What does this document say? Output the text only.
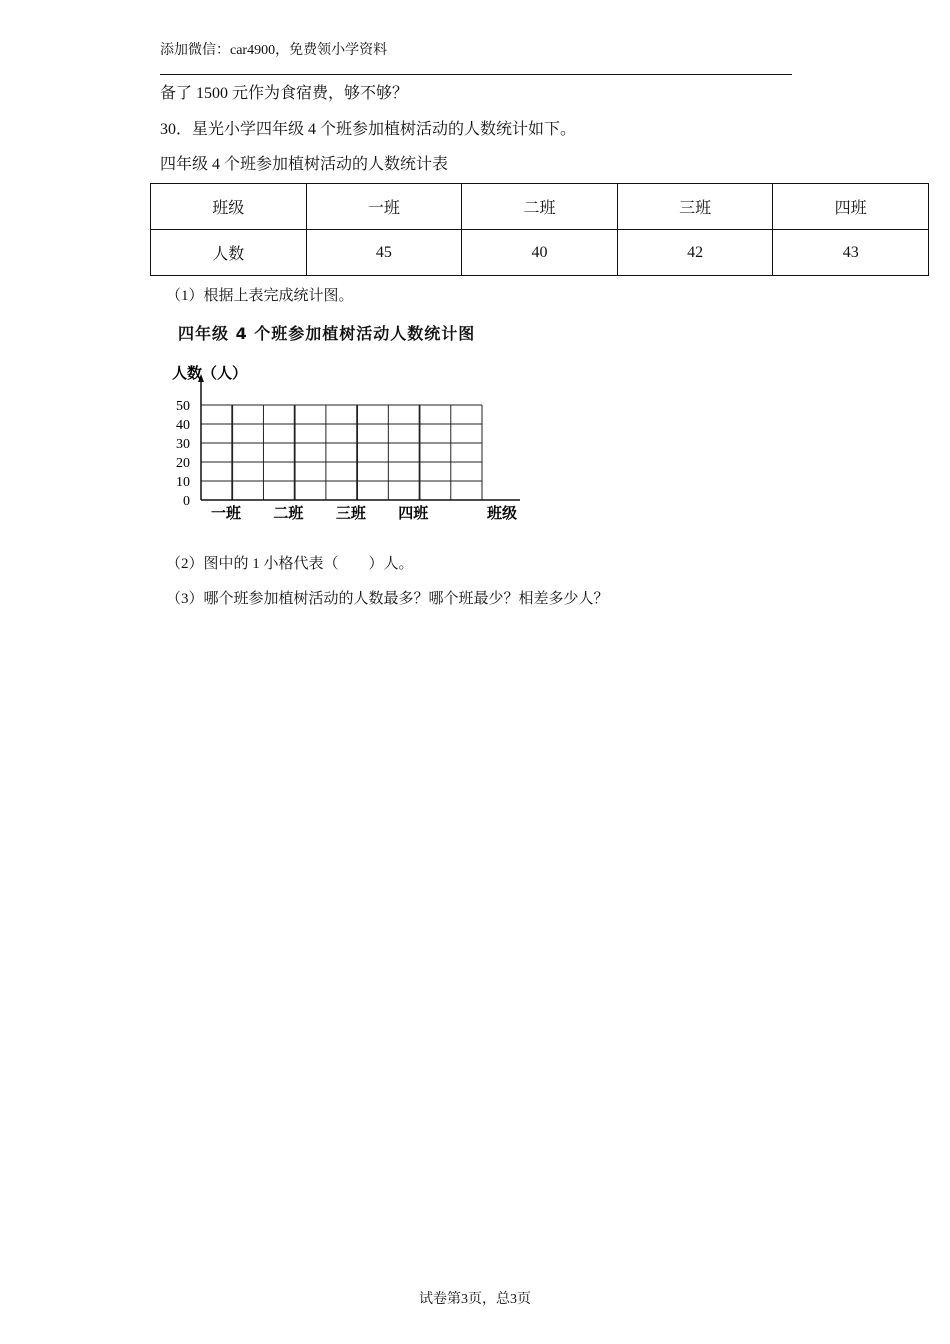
添加微信：car4900，免费领小学资料
备了 1500 元作为食宿费，够不够？
30．星光小学四年级 4 个班参加植树活动的人数统计如下。
四年级 4 个班参加植树活动的人数统计表
班级	一班	二班	三班	四班
人数	45	40	42	43
（1）根据上表完成统计图。
四年级 4 个班参加植树活动人数统计图
人数（人）
50
40
30
20
10
0
一班 二班 三班 四班	班级
（2）图中的 1 小格代表（　　）人。
（3）哪个班参加植树活动的人数最多？哪个班最少？相差多少人？
试卷第3页，总3页
